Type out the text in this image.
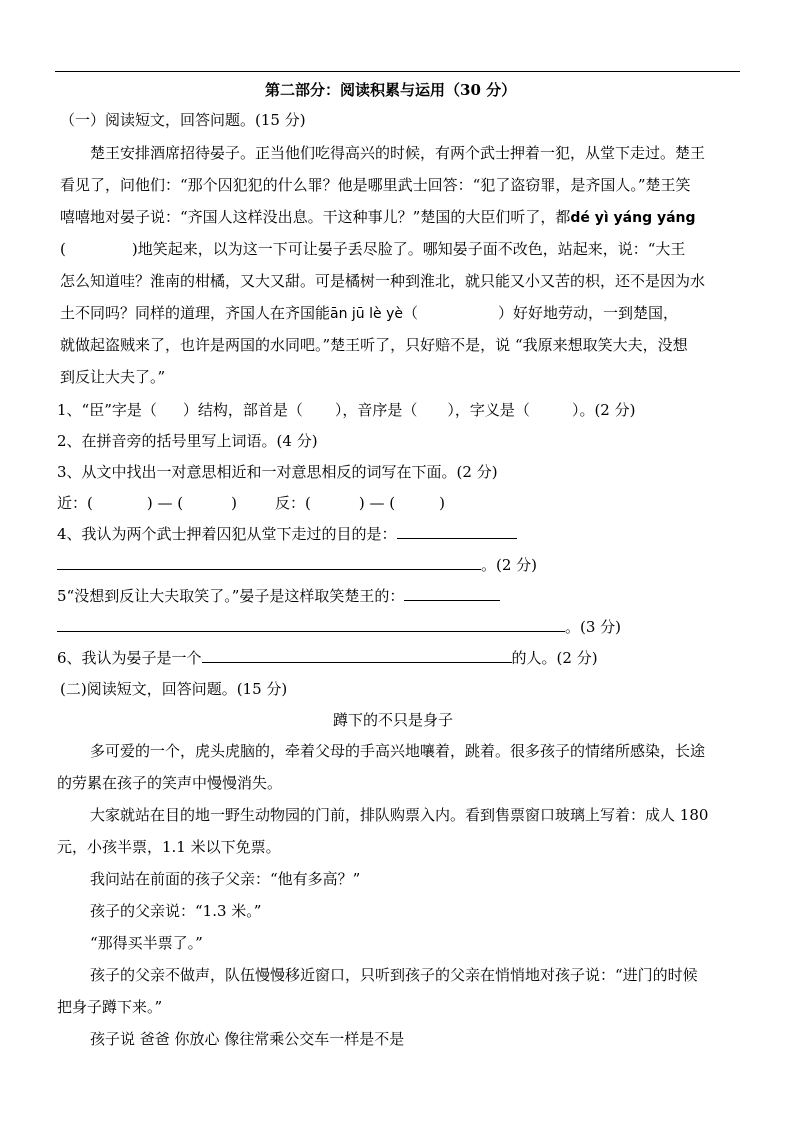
第二部分：阅读积累与运用（30 分）
（一）阅读短文，回答问题。(15 分)
楚王安排酒席招待晏子。正当他们吃得高兴的时候，有两个武士押着一犯，从堂下走过。楚王
看见了，问他们：“那个囚犯犯的什么罪？他是哪里武士回答：“犯了盗窃罪，是齐国人。”楚王笑
嘻嘻地对晏子说：“齐国人这样没出息。干这种事儿？”楚国的大臣们听了，都dé yì yáng yáng
(	)地笑起来，以为这一下可让晏子丢尽脸了。哪知晏子面不改色，站起来，说：“大王
怎么知道哇？淮南的柑橘，又大又甜。可是橘树一种到淮北，就只能又小又苦的枳，还不是因为水
土不同吗？同样的道理，齐国人在齐国能ān jū lè yè（	）好好地劳动，一到楚国，
就做起盗贼来了，也许是两国的水同吧。”楚王听了，只好赔不是，说 “我原来想取笑大夫，没想
到反让大夫了。”
1、“臣”字是（ ）结构，部首是（ ），音序是（ ），字义是（	）。(2 分)
2、在拼音旁的括号里写上词语。(4 分)
3、从文中找出一对意思相近和一对意思相反的词写在下面。(2 分)
近：(	) — (	)	反：(	) — (	)
4、我认为两个武士押着囚犯从堂下走过的目的是：
。(2 分)
5“没想到反让大夫取笑了。”晏子是这样取笑楚王的：
。(3 分)
6、我认为晏子是一个	的人。(2 分)
(二)阅读短文，回答问题。(15 分)
蹲下的不只是身子
多可爱的一个，虎头虎脑的，牵着父母的手高兴地嚷着，跳着。很多孩子的情绪所感染，长途
的劳累在孩子的笑声中慢慢消失。
大家就站在目的地一野生动物园的门前，排队购票入内。看到售票窗口玻璃上写着：成人 180
元，小孩半票，1.1 米以下免票。
我问站在前面的孩子父亲：“他有多高？”
孩子的父亲说：“1.3 米。”
“那得买半票了。”
孩子的父亲不做声，队伍慢慢移近窗口，只听到孩子的父亲在悄悄地对孩子说：“进门的时候
把身子蹲下来。”
孩子说 爸爸 你放心 像往常乘公交车一样是不是
